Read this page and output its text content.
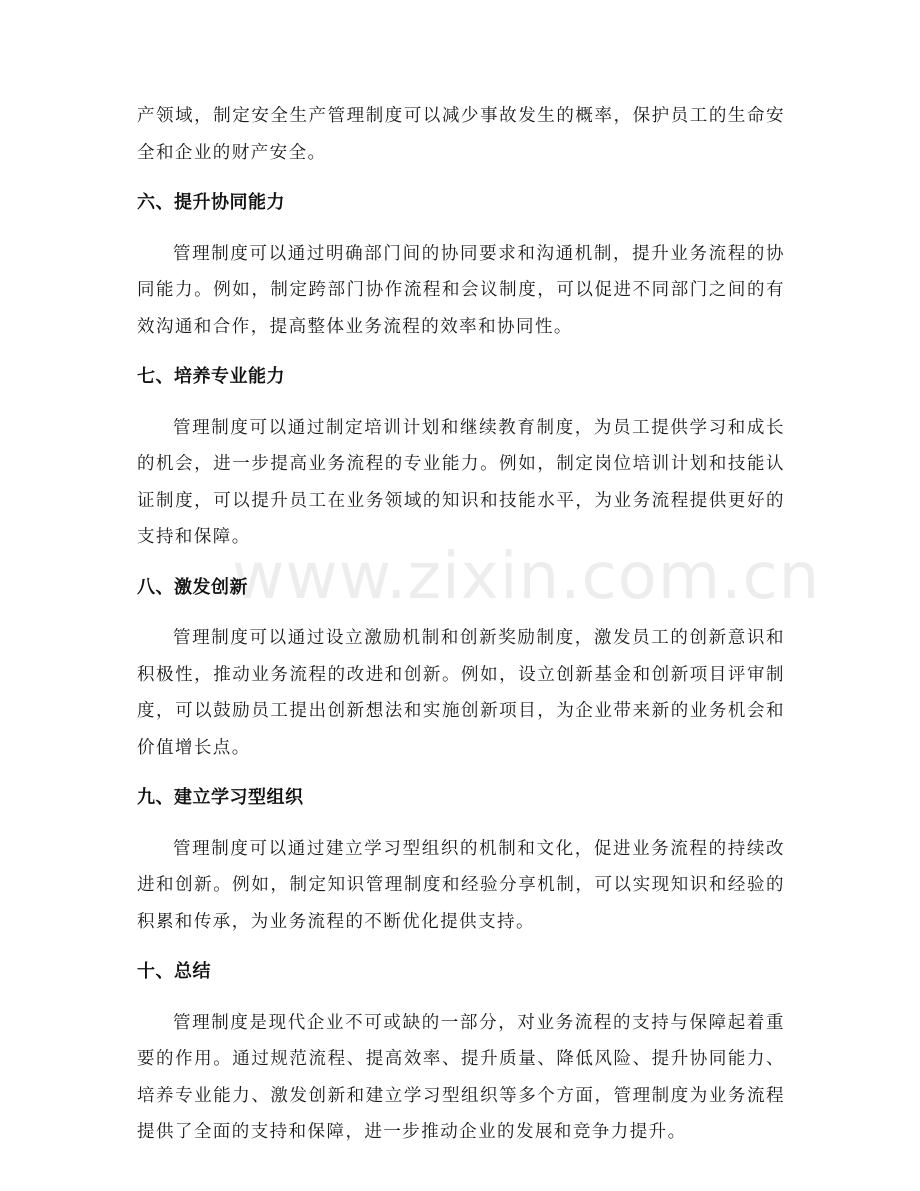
www.zixin.com.cn

产领域，制定安全生产管理制度可以减少事故发生的概率，保护员工的生命安全和企业的财产安全。

六、提升协同能力

管理制度可以通过明确部门间的协同要求和沟通机制，提升业务流程的协同能力。例如，制定跨部门协作流程和会议制度，可以促进不同部门之间的有效沟通和合作，提高整体业务流程的效率和协同性。

七、培养专业能力

管理制度可以通过制定培训计划和继续教育制度，为员工提供学习和成长的机会，进一步提高业务流程的专业能力。例如，制定岗位培训计划和技能认证制度，可以提升员工在业务领域的知识和技能水平，为业务流程提供更好的支持和保障。

八、激发创新

管理制度可以通过设立激励机制和创新奖励制度，激发员工的创新意识和积极性，推动业务流程的改进和创新。例如，设立创新基金和创新项目评审制度，可以鼓励员工提出创新想法和实施创新项目，为企业带来新的业务机会和价值增长点。

九、建立学习型组织

管理制度可以通过建立学习型组织的机制和文化，促进业务流程的持续改进和创新。例如，制定知识管理制度和经验分享机制，可以实现知识和经验的积累和传承，为业务流程的不断优化提供支持。

十、总结

管理制度是现代企业不可或缺的一部分，对业务流程的支持与保障起着重要的作用。通过规范流程、提高效率、提升质量、降低风险、提升协同能力、培养专业能力、激发创新和建立学习型组织等多个方面，管理制度为业务流程提供了全面的支持和保障，进一步推动企业的发展和竞争力提升。
